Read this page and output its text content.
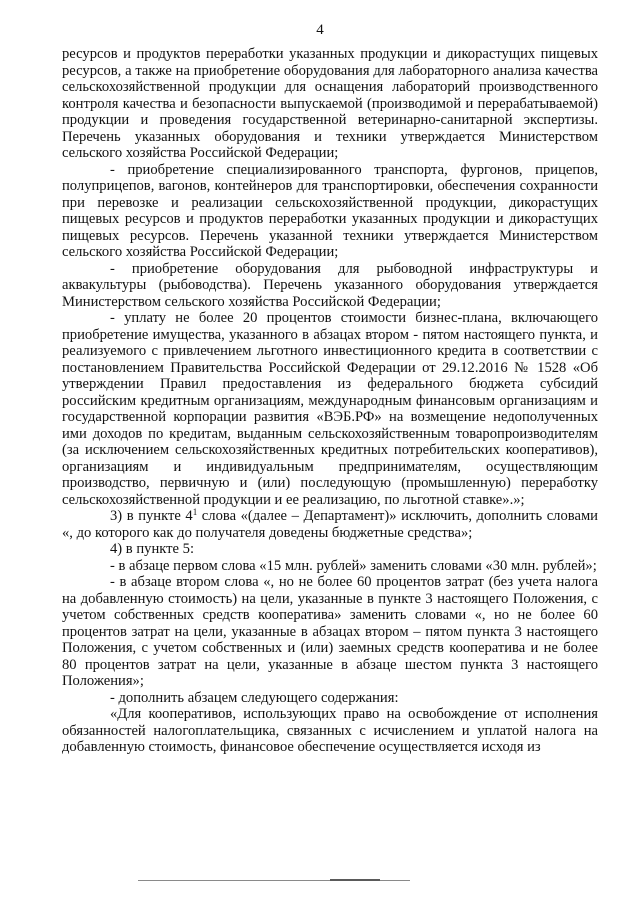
4

ресурсов и продуктов переработки указанных продукции и дикорастущих пищевых ресурсов, а также на приобретение оборудования для лабораторного анализа качества сельскохозяйственной продукции для оснащения лабораторий производственного контроля качества и безопасности выпускаемой (производимой и перерабатываемой) продукции и проведения государственной ветеринарно-санитарной экспертизы. Перечень указанных оборудования и техники утверждается Министерством сельского хозяйства Российской Федерации;

- приобретение специализированного транспорта, фургонов, прицепов, полуприцепов, вагонов, контейнеров для транспортировки, обеспечения сохранности при перевозке и реализации сельскохозяйственной продукции, дикорастущих пищевых ресурсов и продуктов переработки указанных продукции и дикорастущих пищевых ресурсов. Перечень указанной техники утверждается Министерством сельского хозяйства Российской Федерации;

- приобретение оборудования для рыбоводной инфраструктуры и аквакультуры (рыбоводства). Перечень указанного оборудования утверждается Министерством сельского хозяйства Российской Федерации;

- уплату не более 20 процентов стоимости бизнес-плана, включающего приобретение имущества, указанного в абзацах втором - пятом настоящего пункта, и реализуемого с привлечением льготного инвестиционного кредита в соответствии с постановлением Правительства Российской Федерации от 29.12.2016 № 1528 «Об утверждении Правил предоставления из федерального бюджета субсидий российским кредитным организациям, международным финансовым организациям и государственной корпорации развития «ВЭБ.РФ» на возмещение недополученных ими доходов по кредитам, выданным сельскохозяйственным товаропроизводителям (за исключением сельскохозяйственных кредитных потребительских кооперативов), организациям и индивидуальным предпринимателям, осуществляющим производство, первичную и (или) последующую (промышленную) переработку сельскохозяйственной продукции и ее реализацию, по льготной ставке».»;

3) в пункте $4^1$ слова «(далее – Департамент)» исключить, дополнить словами «, до которого как до получателя доведены бюджетные средства»;

4) в пункте 5:

- в абзаце первом слова «15 млн. рублей» заменить словами «30 млн. рублей»;

- в абзаце втором слова «, но не более 60 процентов затрат (без учета налога на добавленную стоимость) на цели, указанные в пункте 3 настоящего Положения, с учетом собственных средств кооператива» заменить словами «, но не более 60 процентов затрат на цели, указанные в абзацах втором – пятом пункта 3 настоящего Положения, с учетом собственных и (или) заемных средств кооператива и не более 80 процентов затрат на цели, указанные в абзаце шестом пункта 3 настоящего Положения»;

- дополнить абзацем следующего содержания:

«Для кооперативов, использующих право на освобождение от исполнения обязанностей налогоплательщика, связанных с исчислением и уплатой налога на добавленную стоимость, финансовое обеспечение осуществляется исходя из
